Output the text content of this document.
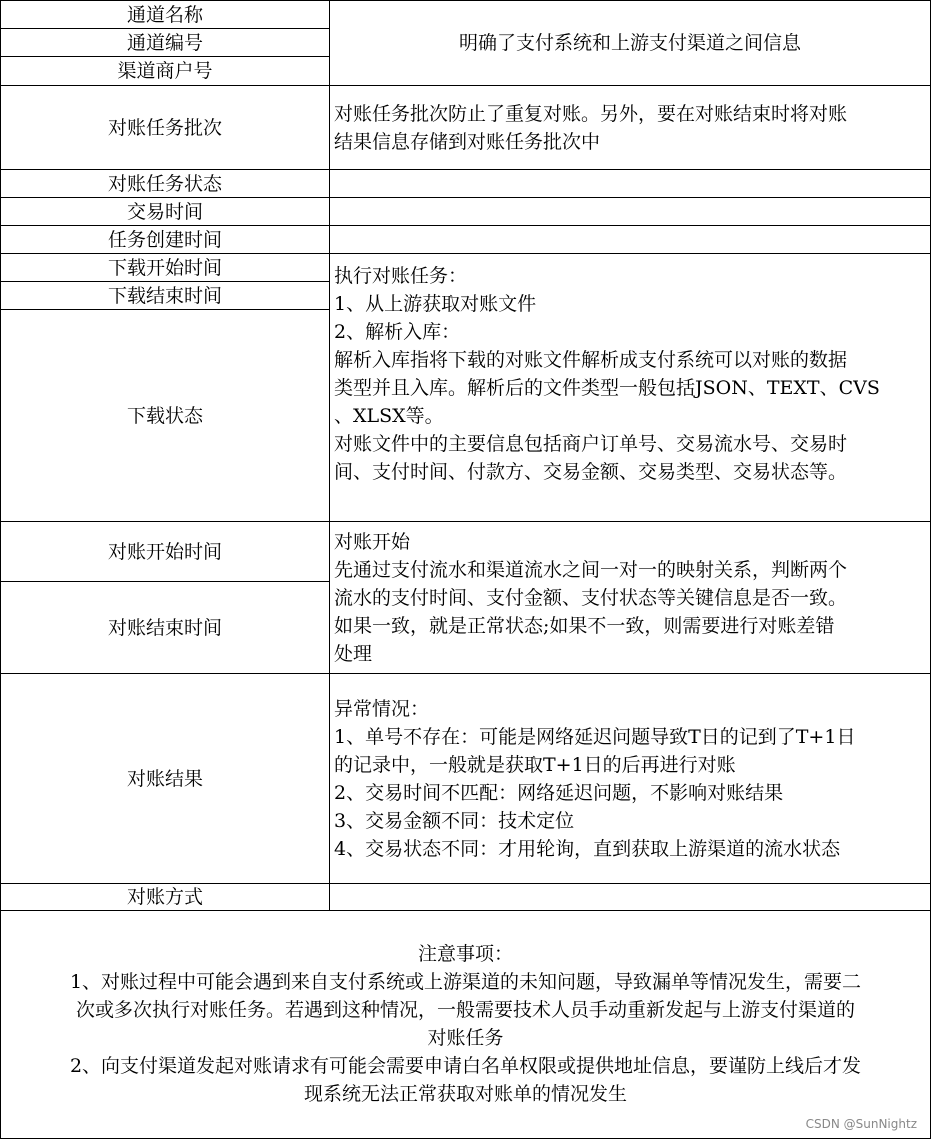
通道名称
通道编号
渠道商户号
对账任务批次
对账任务状态
交易时间
任务创建时间
下载开始时间
下载结束时间
下载状态
对账开始时间
对账结束时间
对账结果
对账方式
明确了支付系统和上游支付渠道之间信息
对账任务批次防止了重复对账。另外，要在对账结束时将对账
结果信息存储到对账任务批次中
执行对账任务：
1、从上游获取对账文件
2、解析入库：
解析入库指将下载的对账文件解析成支付系统可以对账的数据
类型并且入库。解析后的文件类型一般包括JSON、TEXT、CVS
、XLSX等。
对账文件中的主要信息包括商户订单号、交易流水号、交易时
间、支付时间、付款方、交易金额、交易类型、交易状态等。
对账开始
先通过支付流水和渠道流水之间一对一的映射关系，判断两个
流水的支付时间、支付金额、支付状态等关键信息是否一致。
如果一致，就是正常状态;如果不一致，则需要进行对账差错
处理
异常情况：
1、单号不存在：可能是网络延迟问题导致T日的记到了T+1日
的记录中，一般就是获取T+1日的后再进行对账
2、交易时间不匹配：网络延迟问题，不影响对账结果
3、交易金额不同：技术定位
4、交易状态不同：才用轮询，直到获取上游渠道的流水状态
注意事项：
1、对账过程中可能会遇到来自支付系统或上游渠道的未知问题，导致漏单等情况发生，需要二
次或多次执行对账任务。若遇到这种情况，一般需要技术人员手动重新发起与上游支付渠道的
对账任务
2、向支付渠道发起对账请求有可能会需要申请白名单权限或提供地址信息，要谨防上线后才发
现系统无法正常获取对账单的情况发生
CSDN @SunNightz
